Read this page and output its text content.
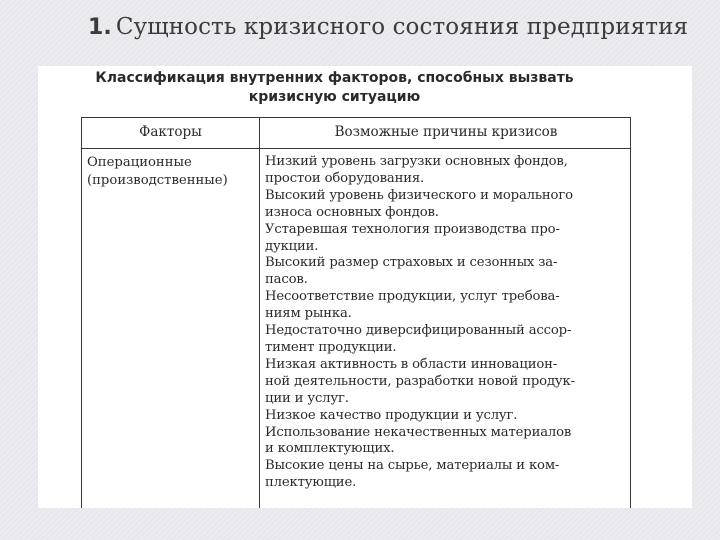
1. Сущность кризисного состояния предприятия
Классификация внутренних факторов, способных вызвать
кризисную ситуацию
Факторы	Возможные причины кризисов
Операционные
(производственные)
Низкий уровень загрузки основных фондов,
простои оборудования.
Высокий уровень физического и морального
износа основных фондов.
Устаревшая технология производства про-
дукции.
Высокий размер страховых и сезонных за-
пасов.
Несоответствие продукции, услуг требова-
ниям рынка.
Недостаточно диверсифицированный ассор-
тимент продукции.
Низкая активность в области инновацион-
ной деятельности, разработки новой продук-
ции и услуг.
Низкое качество продукции и услуг.
Использование некачественных материалов
и комплектующих.
Высокие цены на сырье, материалы и ком-
плектующие.
